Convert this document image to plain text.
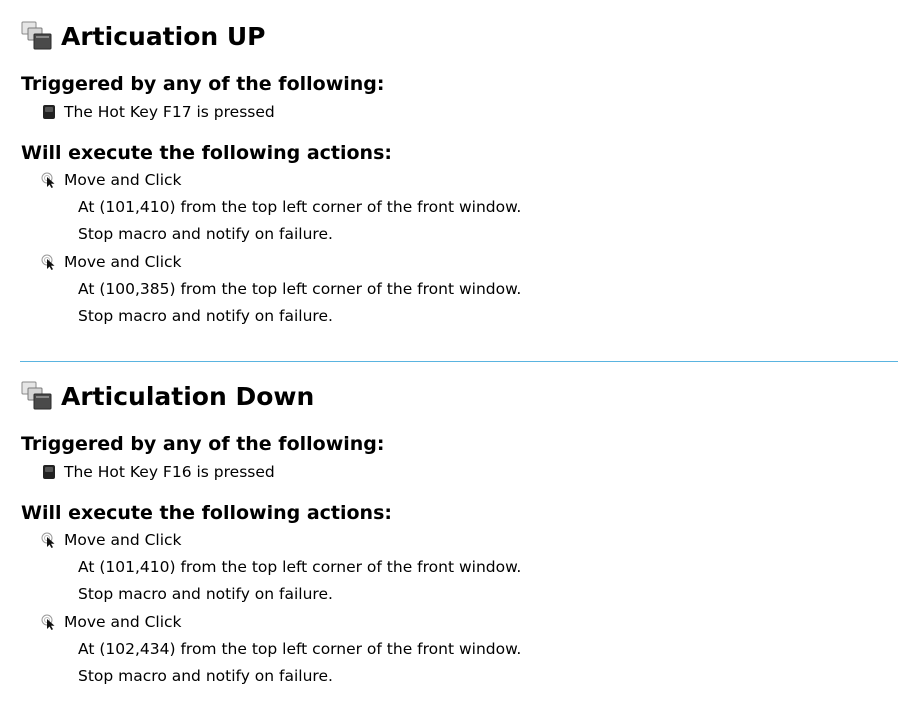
Articuation UP
Triggered by any of the following:
The Hot Key F17 is pressed
Will execute the following actions:
Move and Click
At (101,410) from the top left corner of the front window.
Stop macro and notify on failure.
Move and Click
At (100,385) from the top left corner of the front window.
Stop macro and notify on failure.
Articulation Down
Triggered by any of the following:
The Hot Key F16 is pressed
Will execute the following actions:
Move and Click
At (101,410) from the top left corner of the front window.
Stop macro and notify on failure.
Move and Click
At (102,434) from the top left corner of the front window.
Stop macro and notify on failure.
